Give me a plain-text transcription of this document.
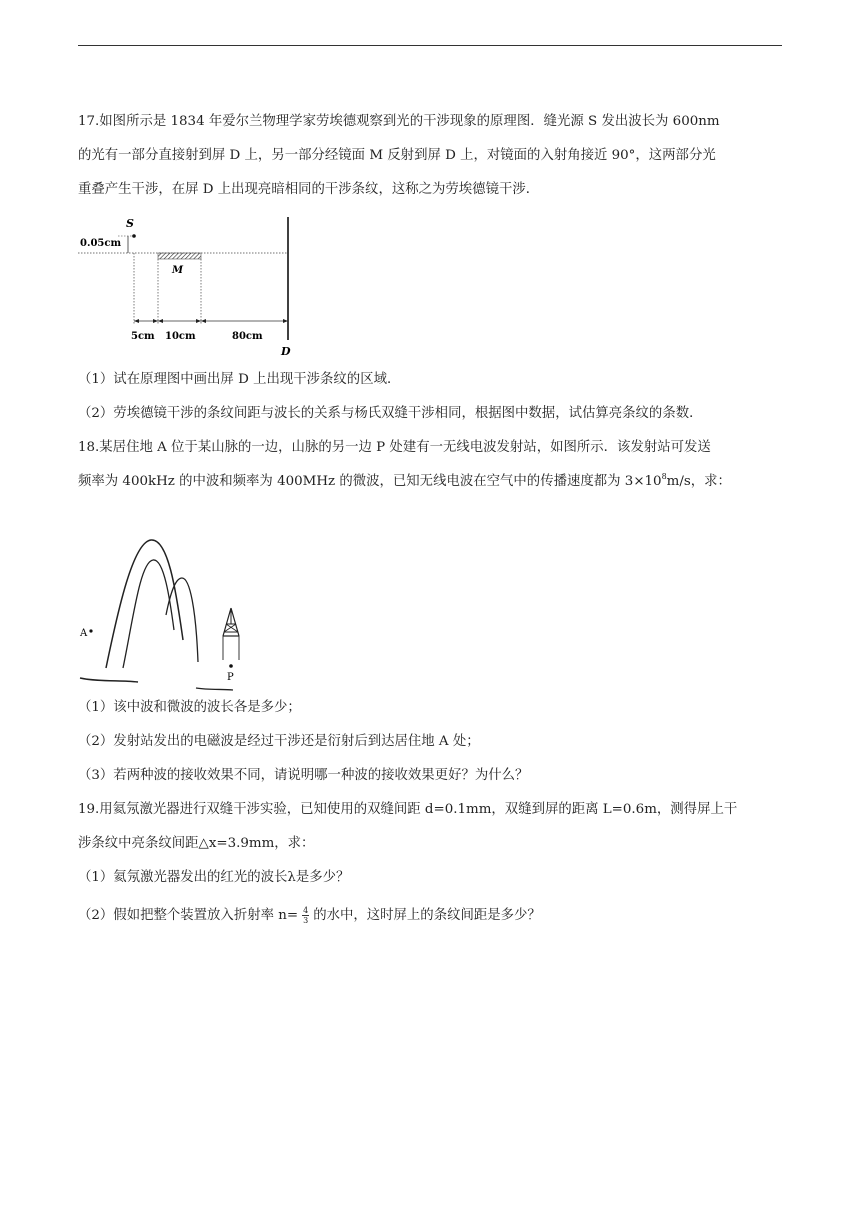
17.如图所示是 1834 年爱尔兰物理学家劳埃德观察到光的干涉现象的原理图．缝光源 S 发出波长为 600nm
的光有一部分直接射到屏 D 上，另一部分经镜面 M 反射到屏 D 上，对镜面的入射角接近 90°，这两部分光
重叠产生干涉，在屏 D 上出现亮暗相同的干涉条纹，这称之为劳埃德镜干涉．
S
0.05cm
M
D
5cm 10cm	80cm
（1）试在原理图中画出屏 D 上出现干涉条纹的区域．
（2）劳埃德镜干涉的条纹间距与波长的关系与杨氏双缝干涉相同，根据图中数据，试估算亮条纹的条数．
18.某居住地 A 位于某山脉的一边，山脉的另一边 P 处建有一无线电波发射站，如图所示．该发射站可发送
频率为 400kHz 的中波和频率为 400MHz 的微波，已知无线电波在空气中的传播速度都为 $3\times 10^8m/s$，求：
A
P
（1）该中波和微波的波长各是多少；
（2）发射站发出的电磁波是经过干涉还是衍射后到达居住地 A 处；
（3）若两种波的接收效果不同，请说明哪一种波的接收效果更好？为什么？
19.用氦氖激光器进行双缝干涉实验，已知使用的双缝间距 d=0.1mm，双缝到屏的距离 L=0.6m，测得屏上干
涉条纹中亮条纹间距△x=3.9mm，求：
（1）氦氖激光器发出的红光的波长λ是多少？
（2）假如把整个装置放入折射率 $n= \frac{4}{3}$ 的水中，这时屏上的条纹间距是多少？
